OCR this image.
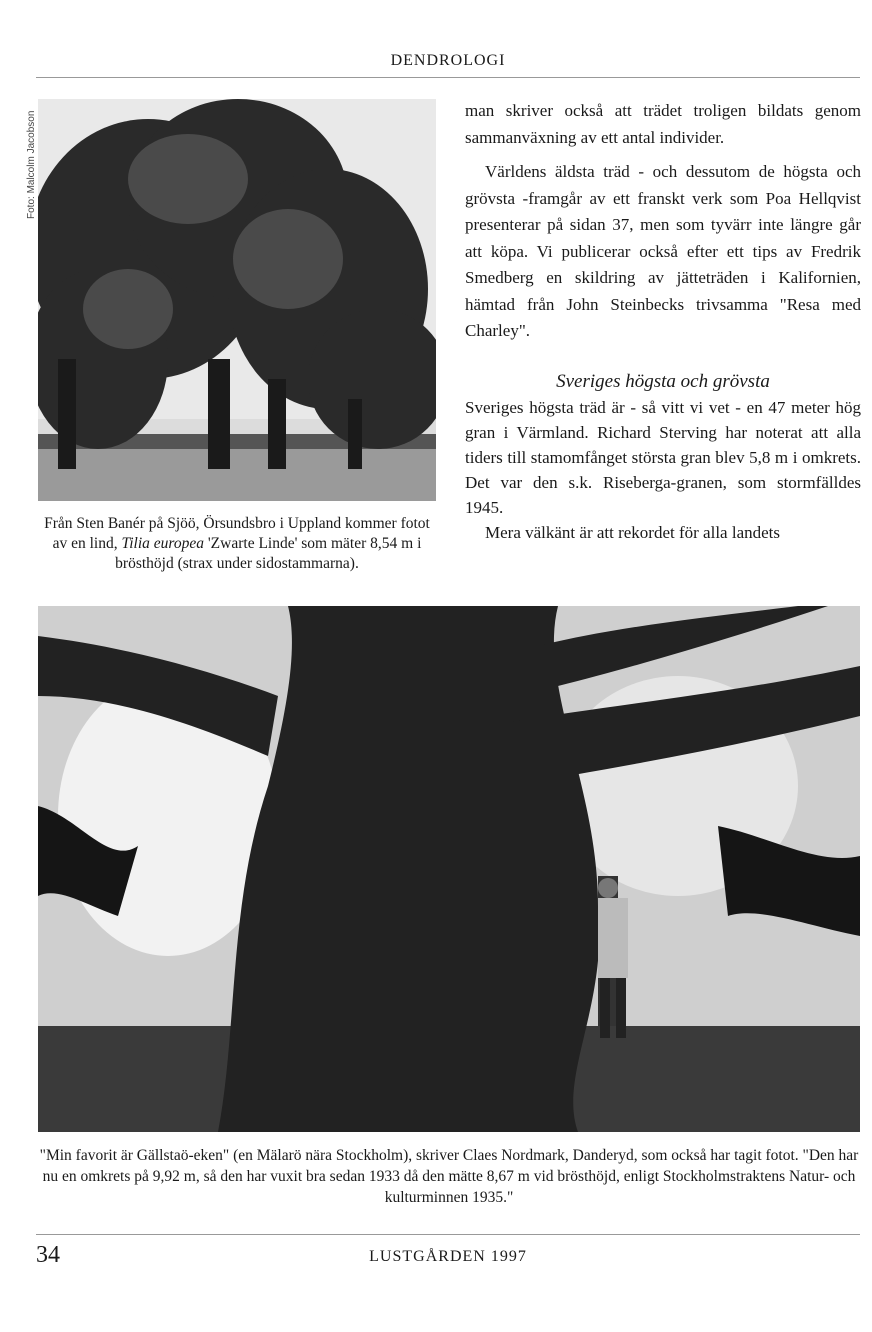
DENDROLOGI
Foto: Malcolm Jacobson
Från Sten Banér på Sjöö, Örsundsbro i Uppland kommer fotot av en lind, Tilia europea 'Zwarte Linde' som mäter 8,54 m i brösthöjd (strax under sidostammarna).

man skriver också att trädet troligen bildats genom sammanväxning av ett antal individer.

Världens äldsta träd - och dessutom de högsta och grövsta -framgår av ett franskt verk som Poa Hellqvist presenterar på sidan 37, men som tyvärr inte längre går att köpa. Vi publicerar också efter ett tips av Fredrik Smedberg en skildring av jätteträden i Kalifornien, hämtad från John Steinbecks trivsamma "Resa med Charley".

Sveriges högsta och grövsta

Sveriges högsta träd är - så vitt vi vet - en 47 meter hög gran i Värmland. Richard Sterving har noterat att alla tiders till stamomfånget största gran blev 5,8 m i omkrets. Det var den s.k. Riseberga-granen, som stormfälldes 1945.

Mera välkänt är att rekordet för alla landets

"Min favorit är Gällstaö-eken" (en Mälarö nära Stockholm), skriver Claes Nordmark, Danderyd, som också har tagit fotot. "Den har nu en omkrets på 9,92 m, så den har vuxit bra sedan 1933 då den mätte 8,67 m vid brösthöjd, enligt Stockholmstraktens Natur- och kulturminnen 1935."
34	LUSTGÅRDEN 1997
